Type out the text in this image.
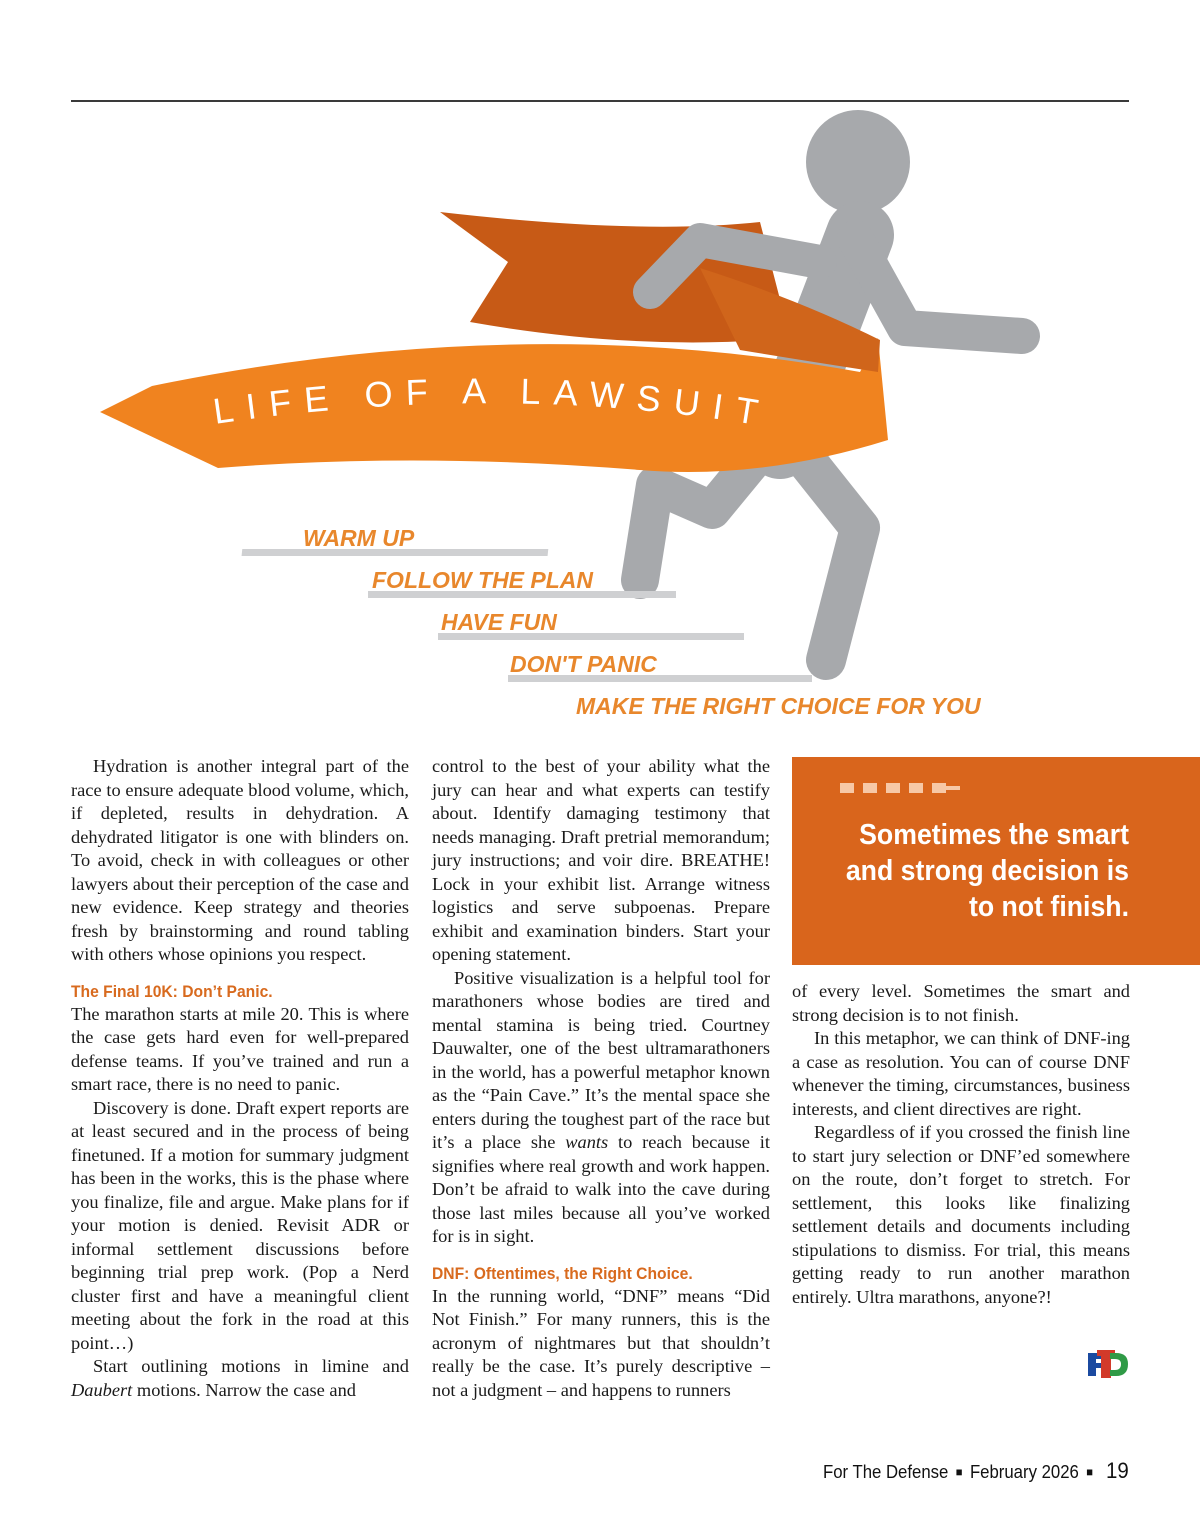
LIFE OF A LAWSUIT
WARM UP
FOLLOW THE PLAN
HAVE FUN
DON'T PANIC
MAKE THE RIGHT CHOICE FOR YOU

Hydration is another integral part of the race to ensure adequate blood volume, which, if depleted, results in dehydration. A dehydrated litigator is one with blinders on. To avoid, check in with colleagues or other lawyers about their perception of the case and new evidence. Keep strategy and theories fresh by brainstorming and round tabling with others whose opinions you respect.

The Final 10K: Don’t Panic.

The marathon starts at mile 20. This is where the case gets hard even for well-prepared defense teams. If you’ve trained and run a smart race, there is no need to panic.

Discovery is done. Draft expert reports are at least secured and in the process of being finetuned. If a motion for summary judgment has been in the works, this is the phase where you finalize, file and argue. Make plans for if your motion is denied. Revisit ADR or informal settlement discussions before beginning trial prep work. (Pop a Nerd cluster first and have a meaningful client meeting about the fork in the road at this point…)

Start outlining motions in limine and Daubert motions. Narrow the case and

control to the best of your ability what the jury can hear and what experts can testify about. Identify damaging testimony that needs managing. Draft pretrial memorandum; jury instructions; and voir dire. BREATHE! Lock in your exhibit list. Arrange witness logistics and serve subpoenas. Prepare exhibit and examination binders. Start your opening statement.

Positive visualization is a helpful tool for marathoners whose bodies are tired and mental stamina is being tried. Courtney Dauwalter, one of the best ultramarathoners in the world, has a powerful metaphor known as the “Pain Cave.” It’s the mental space she enters during the toughest part of the race but it’s a place she wants to reach because it signifies where real growth and work happen. Don’t be afraid to walk into the cave during those last miles because all you’ve worked for is in sight.

DNF: Oftentimes, the Right Choice.

In the running world, “DNF” means “Did Not Finish.” For many runners, this is the acronym of nightmares but that shouldn’t really be the case. It’s purely descriptive – not a judgment – and happens to runners

Sometimes the smart and strong decision is to not finish.

of every level. Sometimes the smart and strong decision is to not finish.

In this metaphor, we can think of DNF-ing a case as resolution. You can of course DNF whenever the timing, circumstances, business interests, and client directives are right.

Regardless of if you crossed the finish line to start jury selection or DNF’ed somewhere on the route, don’t forget to stretch. For settlement, this looks like finalizing settlement details and documents including stipulations to dismiss. For trial, this means getting ready to run another marathon entirely. Ultra marathons, anyone?!

For The Defense ■ February 2026 ■ 19
